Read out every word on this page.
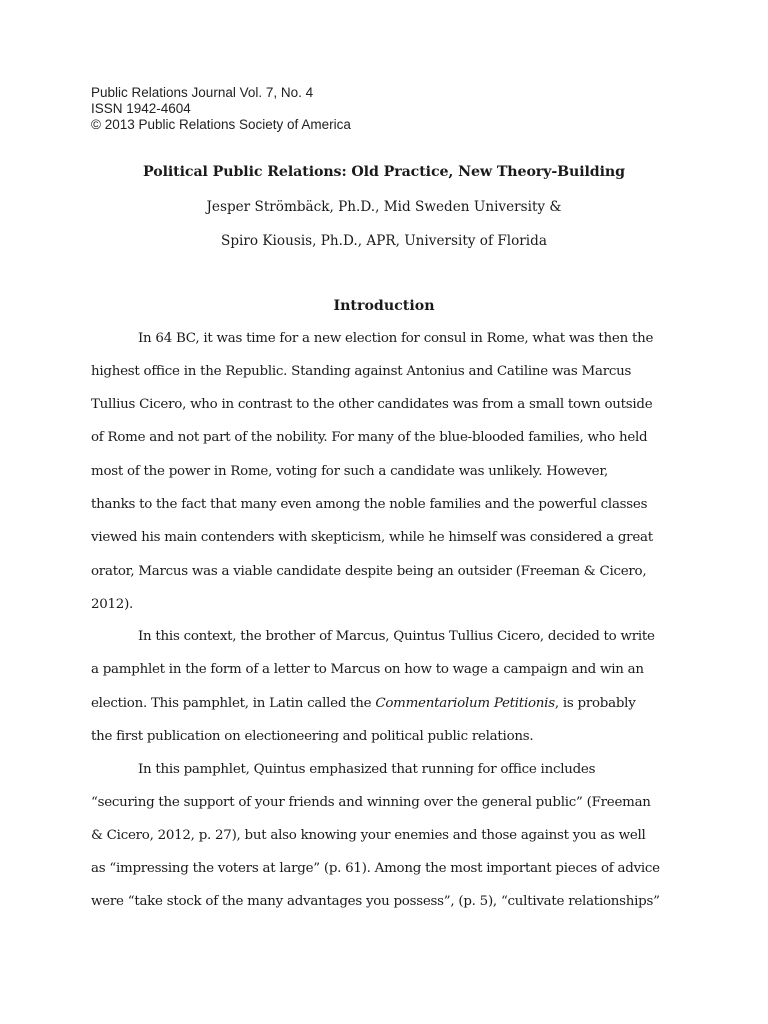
Public Relations Journal Vol. 7, No. 4
ISSN 1942-4604
© 2013 Public Relations Society of America
Political Public Relations: Old Practice, New Theory-Building
Jesper Strömbäck, Ph.D., Mid Sweden University &
Spiro Kiousis, Ph.D., APR, University of Florida
Introduction
In 64 BC, it was time for a new election for consul in Rome, what was then the
highest office in the Republic. Standing against Antonius and Catiline was Marcus
Tullius Cicero, who in contrast to the other candidates was from a small town outside
of Rome and not part of the nobility. For many of the blue-blooded families, who held
most of the power in Rome, voting for such a candidate was unlikely. However,
thanks to the fact that many even among the noble families and the powerful classes
viewed his main contenders with skepticism, while he himself was considered a great
orator, Marcus was a viable candidate despite being an outsider (Freeman & Cicero,
2012).
In this context, the brother of Marcus, Quintus Tullius Cicero, decided to write
a pamphlet in the form of a letter to Marcus on how to wage a campaign and win an
election. This pamphlet, in Latin called the Commentariolum Petitionis, is probably
the first publication on electioneering and political public relations.
In this pamphlet, Quintus emphasized that running for office includes
“securing the support of your friends and winning over the general public” (Freeman
& Cicero, 2012, p. 27), but also knowing your enemies and those against you as well
as “impressing the voters at large” (p. 61). Among the most important pieces of advice
were “take stock of the many advantages you possess”, (p. 5), “cultivate relationships”
